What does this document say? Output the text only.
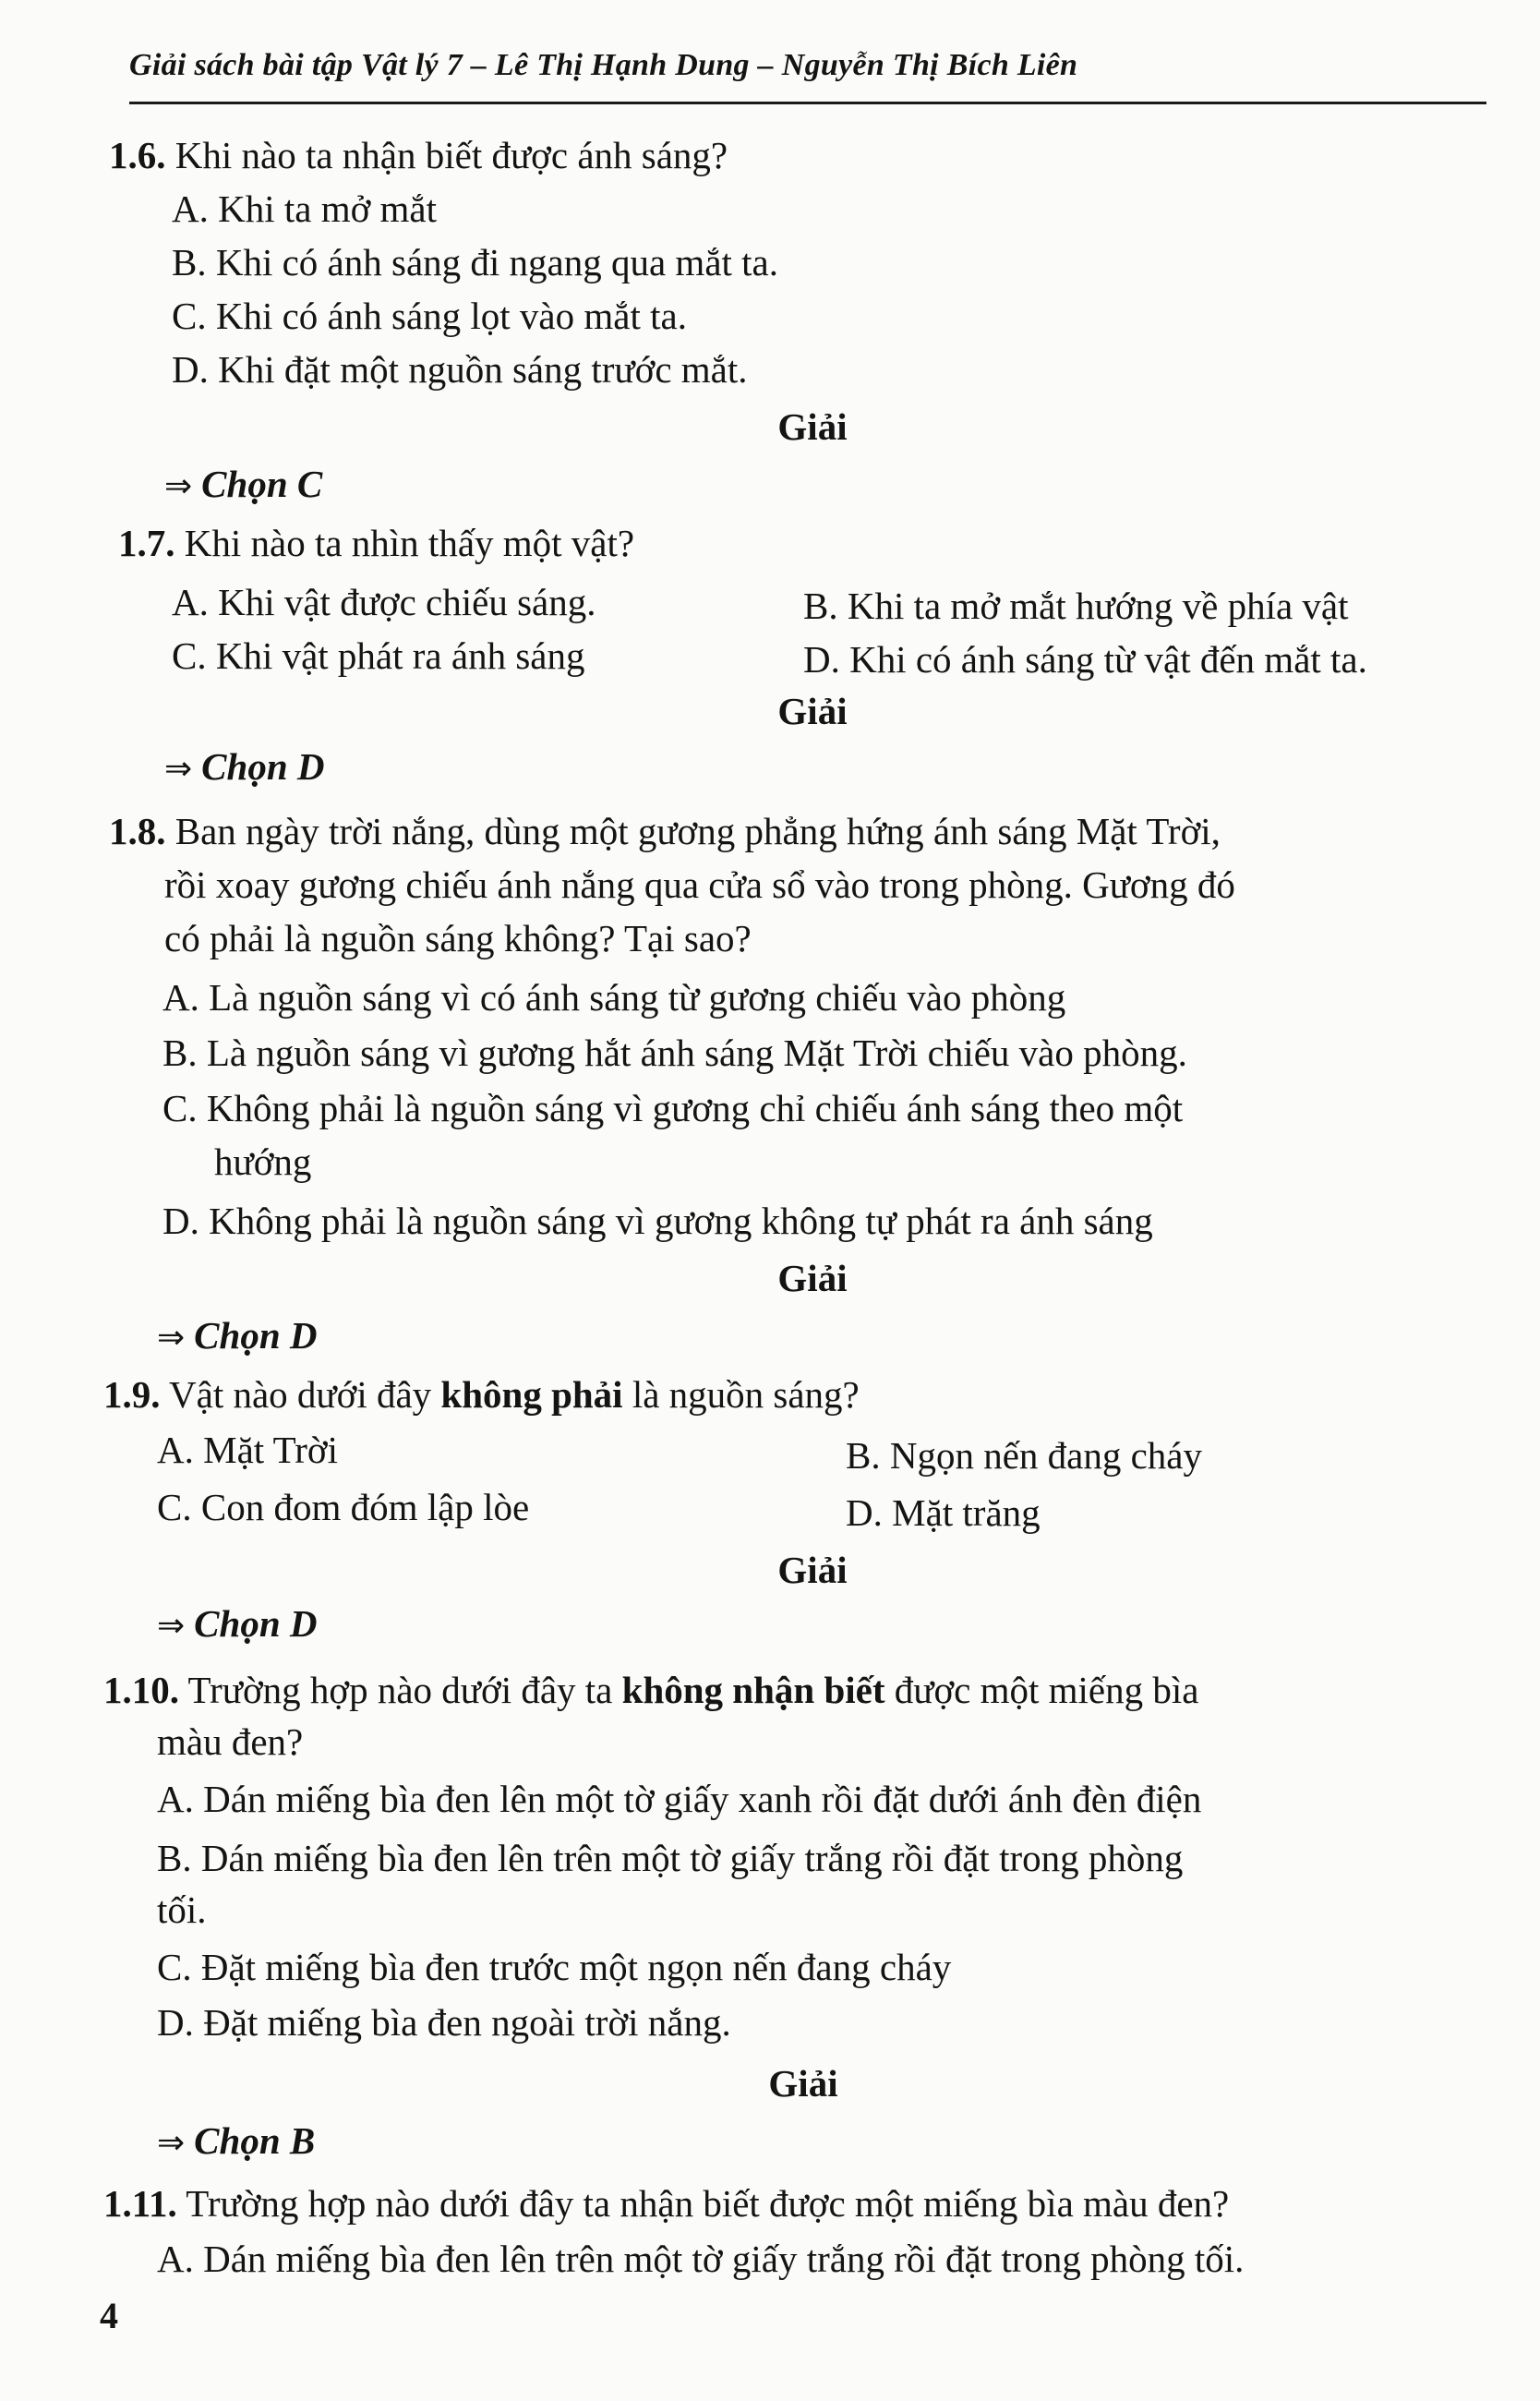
Giải sách bài tập Vật lý 7 – Lê Thị Hạnh Dung – Nguyễn Thị Bích Liên
1.6. Khi nào ta nhận biết được ánh sáng?
A. Khi ta mở mắt
B. Khi có ánh sáng đi ngang qua mắt ta.
C. Khi có ánh sáng lọt vào mắt ta.
D. Khi đặt một nguồn sáng trước mắt.
Giải
⇒ Chọn C
1.7. Khi nào ta nhìn thấy một vật?
A. Khi vật được chiếu sáng.	B. Khi ta mở mắt hướng về phía vật
C. Khi vật phát ra ánh sáng	D. Khi có ánh sáng từ vật đến mắt ta.
Giải
⇒ Chọn D
1.8. Ban ngày trời nắng, dùng một gương phẳng hứng ánh sáng Mặt Trời,
rồi xoay gương chiếu ánh nắng qua cửa sổ vào trong phòng. Gương đó
có phải là nguồn sáng không? Tại sao?
A. Là nguồn sáng vì có ánh sáng từ gương chiếu vào phòng
B. Là nguồn sáng vì gương hắt ánh sáng Mặt Trời chiếu vào phòng.
C. Không phải là nguồn sáng vì gương chỉ chiếu ánh sáng theo một
hướng
D. Không phải là nguồn sáng vì gương không tự phát ra ánh sáng
Giải
⇒ Chọn D
1.9. Vật nào dưới đây không phải là nguồn sáng?
A. Mặt Trời	B. Ngọn nến đang cháy
C. Con đom đóm lập lòe	D. Mặt trăng
Giải
⇒ Chọn D
1.10. Trường hợp nào dưới đây ta không nhận biết được một miếng bìa
màu đen?
A. Dán miếng bìa đen lên một tờ giấy xanh rồi đặt dưới ánh đèn điện
B. Dán miếng bìa đen lên trên một tờ giấy trắng rồi đặt trong phòng
tối.
C. Đặt miếng bìa đen trước một ngọn nến đang cháy
D. Đặt miếng bìa đen ngoài trời nắng.
Giải
⇒ Chọn B
1.11. Trường hợp nào dưới đây ta nhận biết được một miếng bìa màu đen?
A. Dán miếng bìa đen lên trên một tờ giấy trắng rồi đặt trong phòng tối.
4
